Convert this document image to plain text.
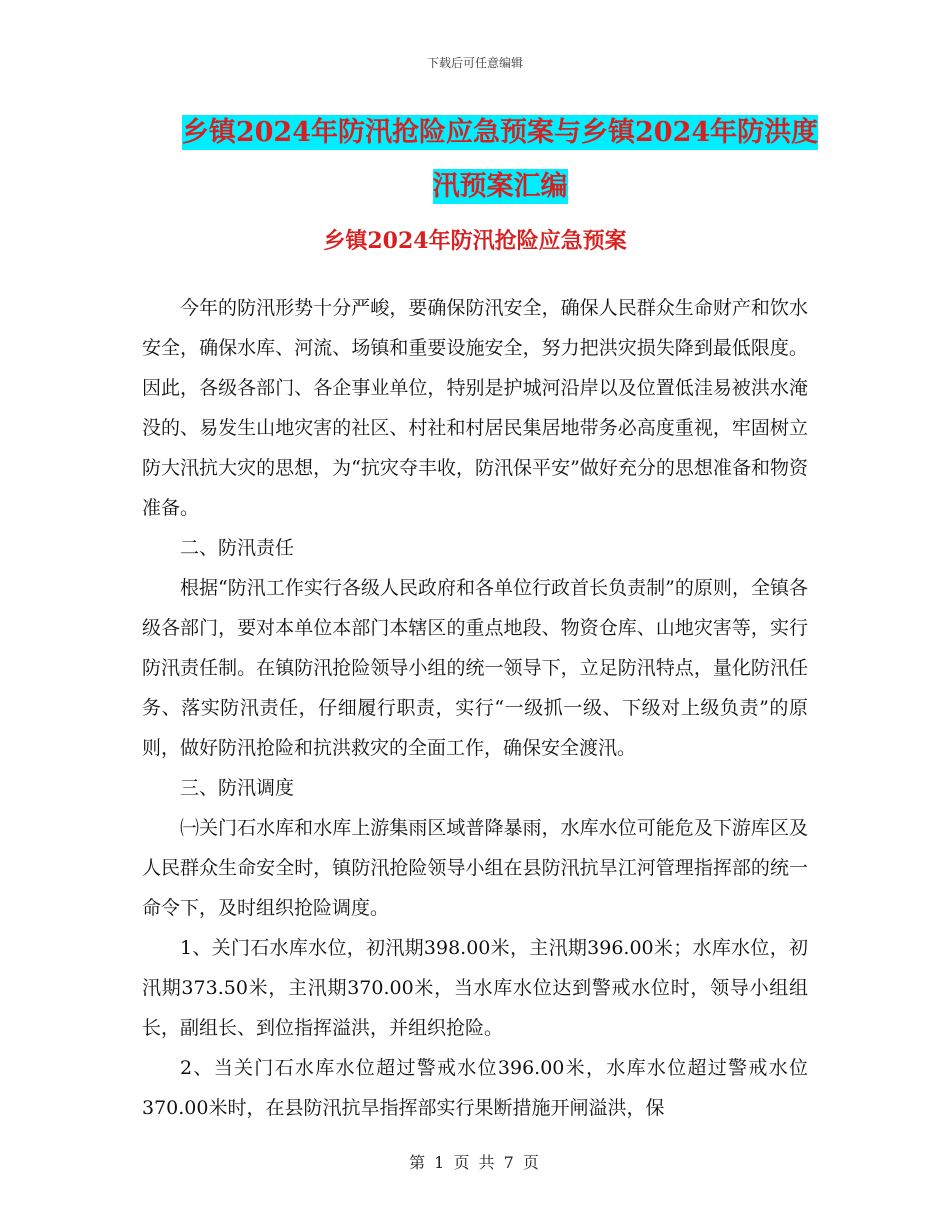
下载后可任意编辑
乡镇2024年防汛抢险应急预案与乡镇2024年防洪度
汛预案汇编
乡镇2024年防汛抢险应急预案

今年的防汛形势十分严峻，要确保防汛安全，确保人民群众生命财产和饮水安全，确保水库、河流、场镇和重要设施安全，努力把洪灾损失降到最低限度。因此，各级各部门、各企事业单位，特别是护城河沿岸以及位置低洼易被洪水淹没的、易发生山地灾害的社区、村社和村居民集居地带务必高度重视，牢固树立防大汛抗大灾的思想，为“抗灾夺丰收，防汛保平安”做好充分的思想准备和物资准备。

二、防汛责任

根据“防汛工作实行各级人民政府和各单位行政首长负责制”的原则，全镇各级各部门，要对本单位本部门本辖区的重点地段、物资仓库、山地灾害等，实行防汛责任制。在镇防汛抢险领导小组的统一领导下，立足防汛特点，量化防汛任务、落实防汛责任，仔细履行职责，实行“一级抓一级、下级对上级负责”的原则，做好防汛抢险和抗洪救灾的全面工作，确保安全渡汛。

三、防汛调度

㈠关门石水库和水库上游集雨区域普降暴雨，水库水位可能危及下游库区及人民群众生命安全时，镇防汛抢险领导小组在县防汛抗旱江河管理指挥部的统一命令下，及时组织抢险调度。

1、关门石水库水位，初汛期398.00米，主汛期396.00米；水库水位，初汛期373.50米，主汛期370.00米，当水库水位达到警戒水位时，领导小组组长，副组长、到位指挥溢洪，并组织抢险。

2、当关门石水库水位超过警戒水位396.00米，水库水位超过警戒水位370.00米时，在县防汛抗旱指挥部实行果断措施开闸溢洪，保

第 1 页 共 7 页
